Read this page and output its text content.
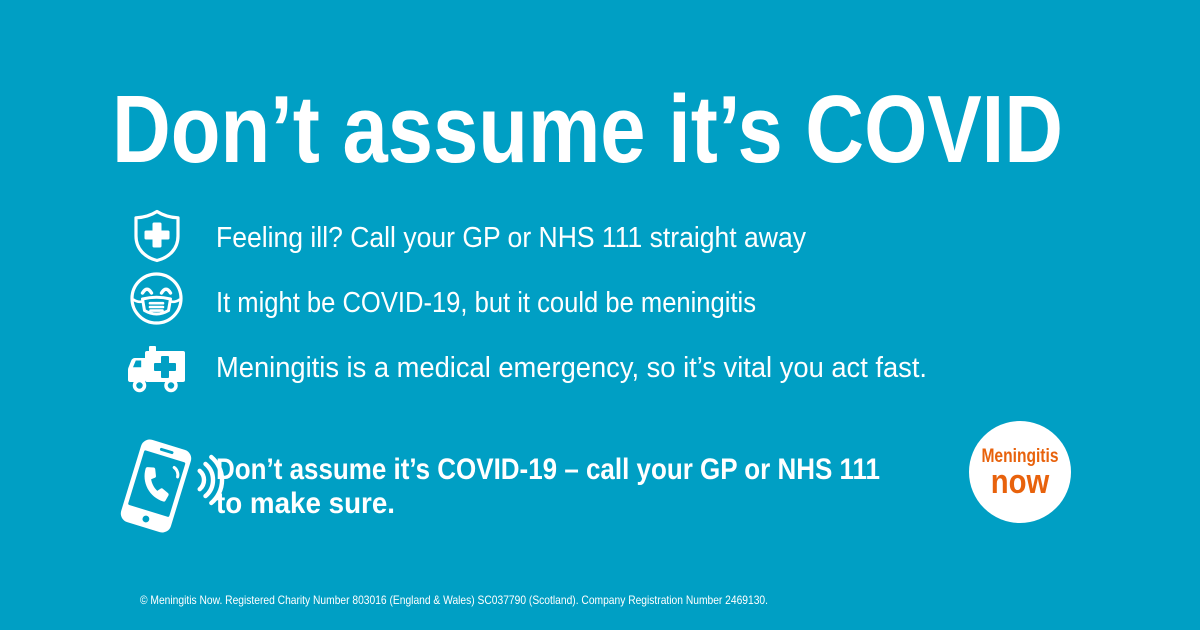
Don’t assume it’s COVID
Feeling ill? Call your GP or NHS 111 straight away
It might be COVID-19, but it could be meningitis
Meningitis is a medical emergency, so it’s vital you act fast.
Don’t assume it’s COVID-19 – call your GP or NHS 111
to make sure.
Meningitis
now
© Meningitis Now. Registered Charity Number 803016 (England & Wales) SC037790 (Scotland). Company Registration Number 2469130.
